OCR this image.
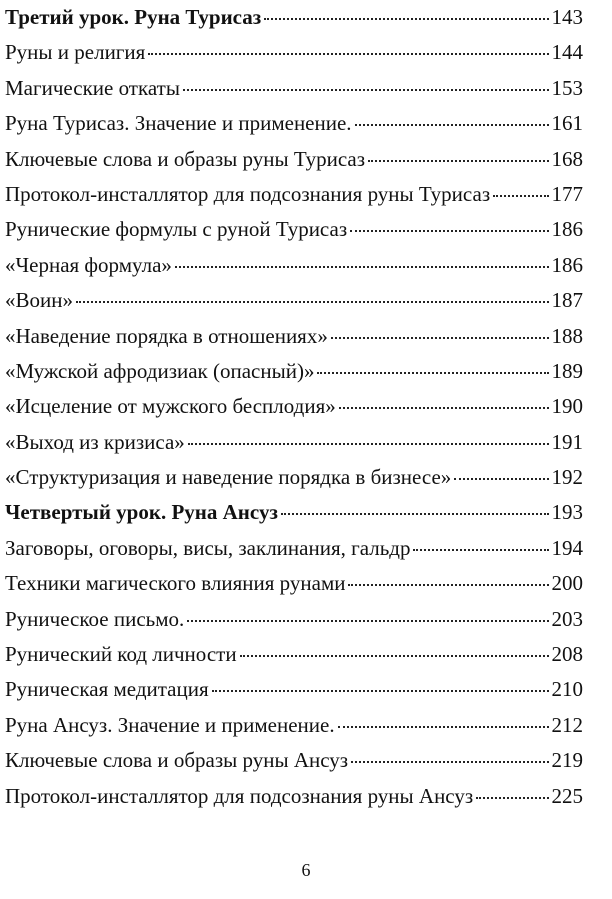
Третий урок. Руна Турисаз	143
Руны и религия	144
Магические откаты	153
Руна Турисаз. Значение и применение.	161
Ключевые слова и образы руны Турисаз	168
Протокол-инсталлятор для подсознания руны Турисаз	177
Рунические формулы с руной Турисаз	186
«Черная формула»	186
«Воин»	187
«Наведение порядка в отношениях»	188
«Мужской афродизиак (опасный)»	189
«Исцеление от мужского бесплодия»	190
«Выход из кризиса»	191
«Структуризация и наведение порядка в бизнесе»	192
Четвертый урок. Руна Ансуз	193
Заговоры, оговоры, висы, заклинания, гальдр	194
Техники магического влияния рунами	200
Руническое письмо.	203
Рунический код личности	208
Руническая медитация	210
Руна Ансуз. Значение и применение.	212
Ключевые слова и образы руны Ансуз	219
Протокол-инсталлятор для подсознания руны Ансуз	225
6
